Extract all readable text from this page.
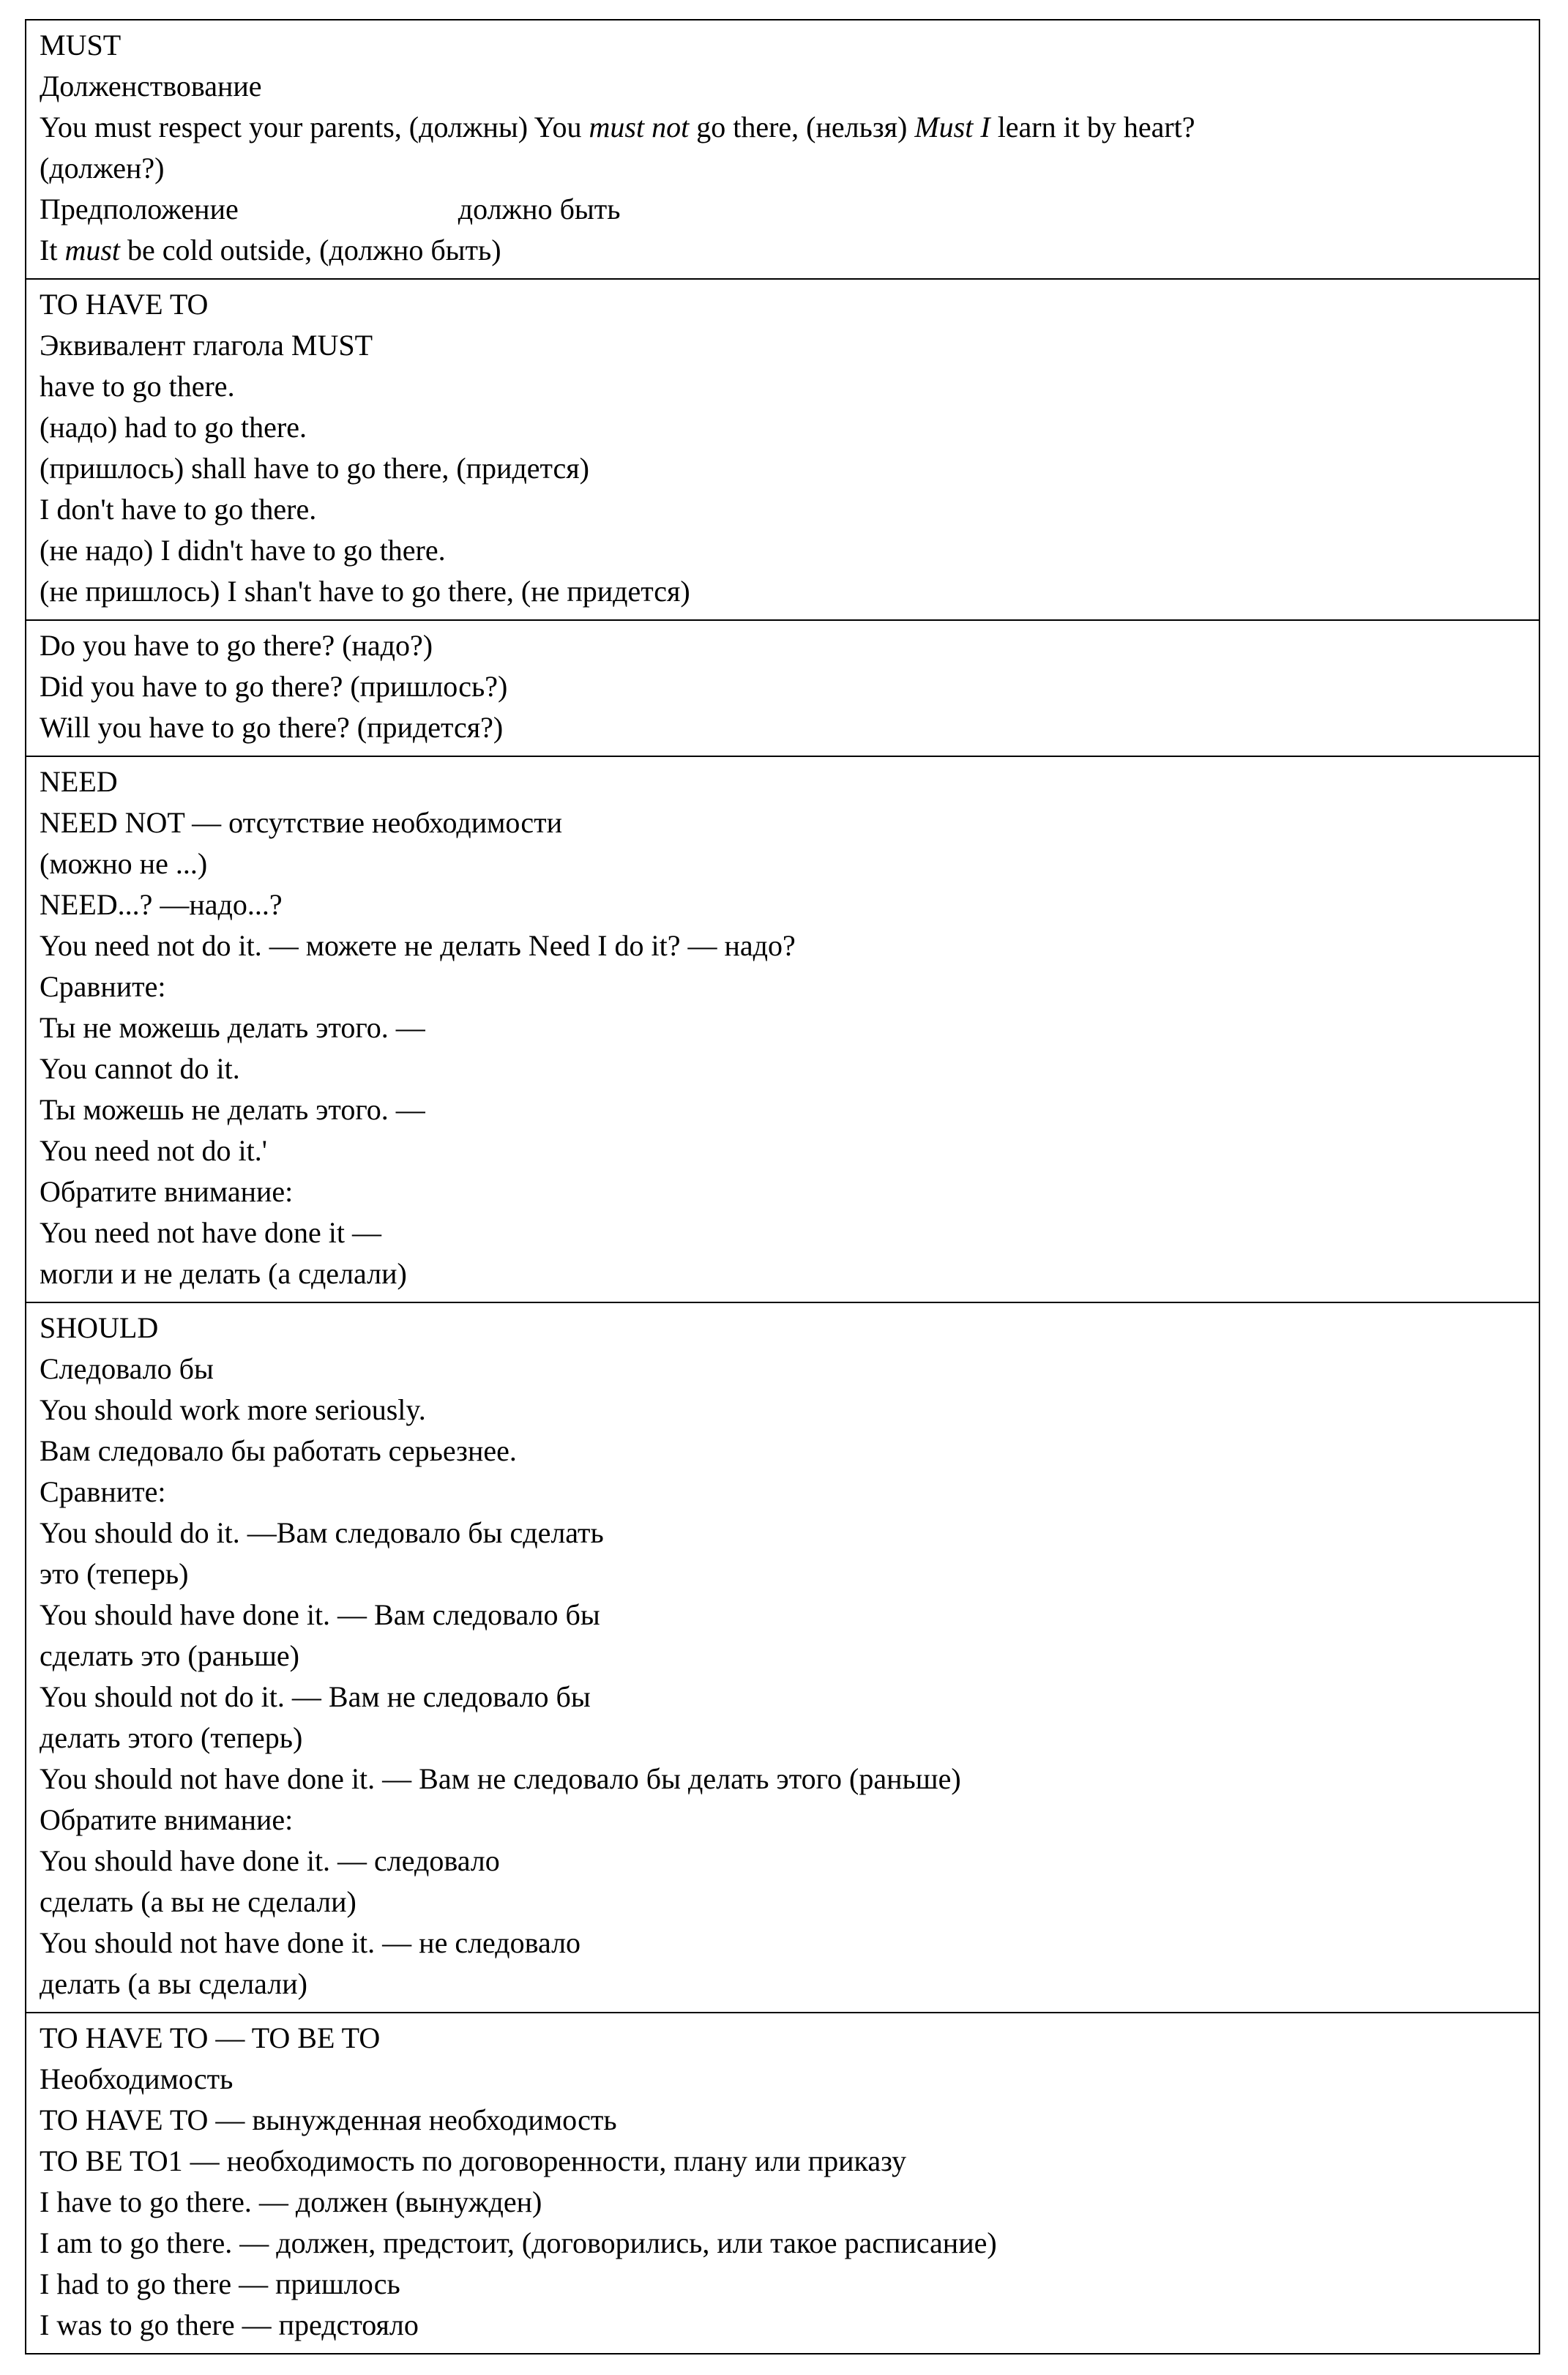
MUST
Долженствование
You must respect your parents, (должны) You must not go there, (нельзя) Must I learn it by heart?
(должен?)
Предположение	должно быть
It must be cold outside, (должно быть)

TO HAVE TO
Эквивалент глагола MUST
have to go there.
(надо) had to go there.
(пришлось) shall have to go there, (придется)
I don't have to go there.
(не надо) I didn't have to go there.
(не пришлось) I shan't have to go there, (не придется)

Do you have to go there? (надо?)
Did you have to go there? (пришлось?)
Will you have to go there? (придется?)

NEED
NEED NOT — отсутствие необходимости
(можно не ...)
NEED...? —надо...?
You need not do it. — можете не делать Need I do it? — надо?
Сравните:
Ты не можешь делать этого. —
You cannot do it.
Ты можешь не делать этого. —
You need not do it.'
Обратите внимание:
You need not have done it —
могли и не делать (а сделали)

SHOULD
Следовало бы
You should work more seriously.
Вам следовало бы работать серьезнее.
Сравните:
You should do it. —Вам следовало бы сделать
это (теперь)
You should have done it. — Вам следовало бы
сделать это (раньше)
You should not do it. — Вам не следовало бы
делать этого (теперь)
You should not have done it. — Вам не следовало бы делать этого (раньше)
Обратите внимание:
You should have done it. — следовало
сделать (а вы не сделали)
You should not have done it. — не следовало
делать (а вы сделали)

TO HAVE TO — TO BE TO
Необходимость
TO HAVE TO — вынужденная необходимость
TO BE TO1 — необходимость по договоренности, плану или приказу
I have to go there. — должен (вынужден)
I am to go there. — должен, предстоит, (договорились, или такое расписание)
I had to go there — пришлось
I was to go there — предстояло
